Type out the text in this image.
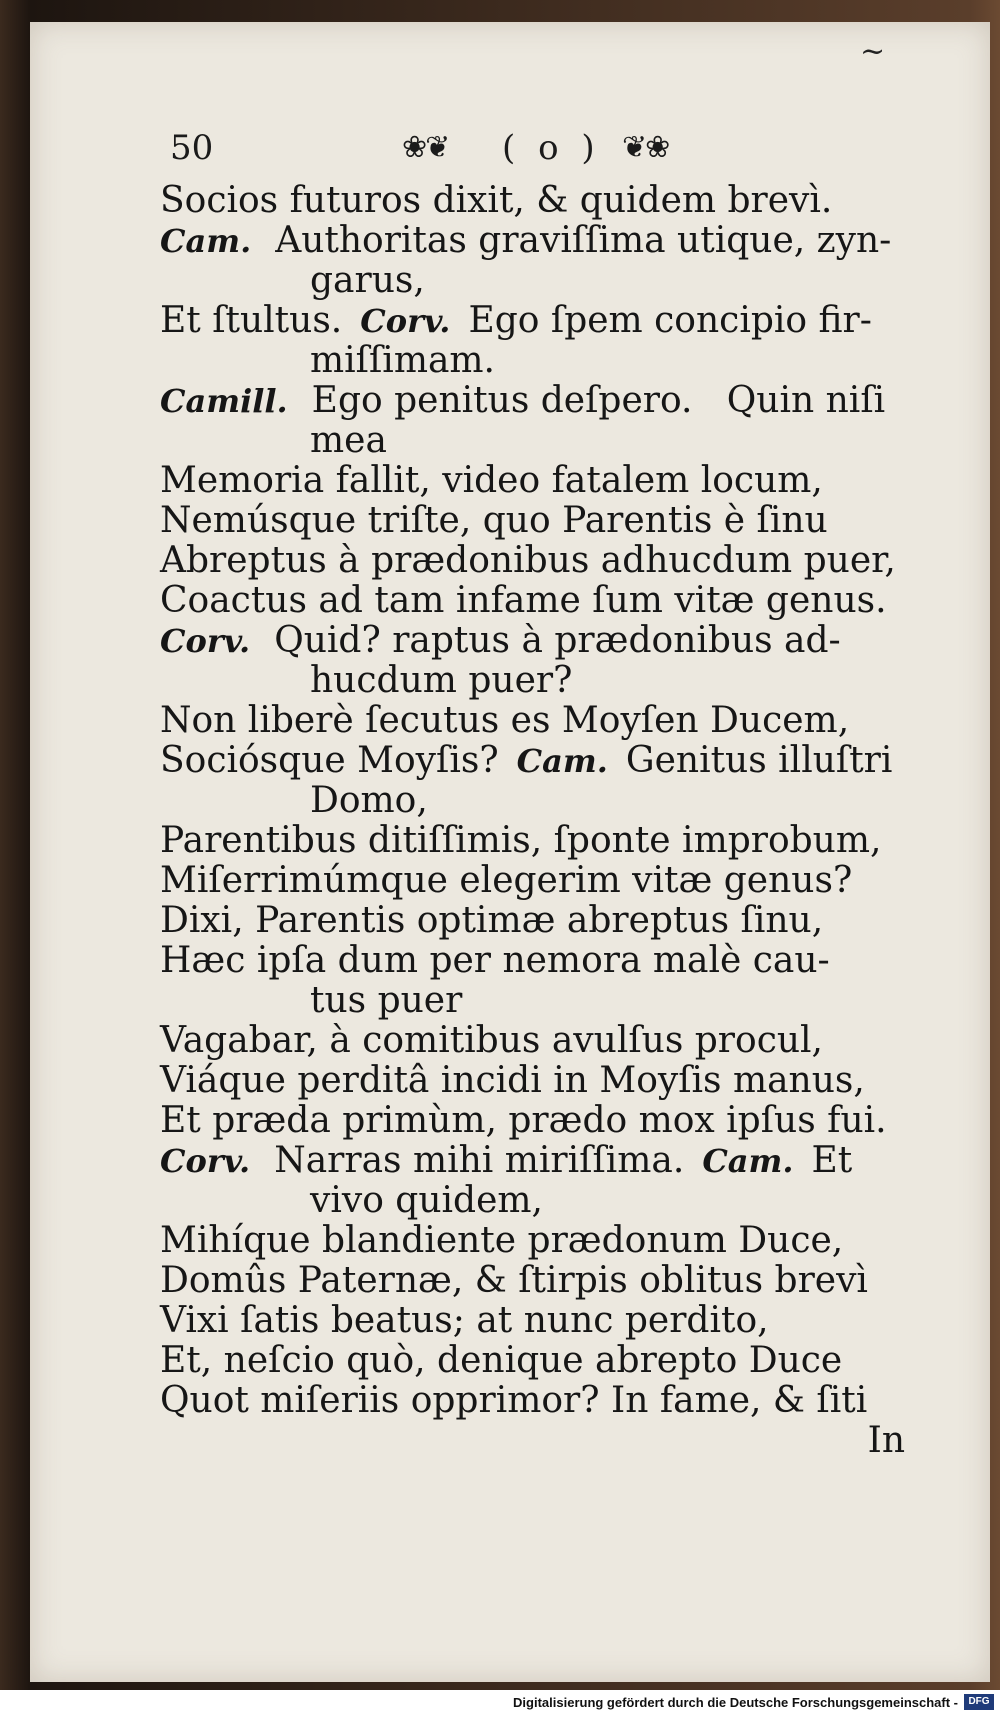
~
50	❀❦ ( o ) ❦❀
Socios futuros dixit, & quidem brevì.
Cam. Authoritas graviſſima utique, zyn-
garus,
Et ſtultus. Corv. Ego ſpem concipio fir-
miſſimam.
Camill. Ego penitus deſpero.   Quin niſi
mea
Memoria fallit, video fatalem locum,
Nemúsque triſte, quo Parentis è ſinu
Abreptus à prædonibus adhucdum puer,
Coactus ad tam infame ſum vitæ genus.
Corv. Quid? raptus à prædonibus ad-
hucdum puer?
Non liberè ſecutus es Moyſen Ducem,
Sociósque Moyſis? Cam. Genitus illuſtri
Domo,
Parentibus ditiſſimis, ſponte improbum,
Miſerrimúmque elegerim vitæ genus?
Dixi, Parentis optimæ abreptus ſinu,
Hæc ipſa dum per nemora malè cau-
tus puer
Vagabar, à comitibus avulſus procul,
Viáque perditâ incidi in Moyſis manus,
Et præda primùm, prædo mox ipſus fui.
Corv. Narras mihi miriſſima. Cam. Et
vivo quidem,
Mihíque blandiente prædonum Duce,
Domûs Paternæ, & ſtirpis oblitus brevì
Vixi ſatis beatus; at nunc perdito,
Et, neſcio quò, denique abrepto Duce
Quot miſeriis opprimor? In fame, & ſiti
In
Digitalisierung gefördert durch die Deutsche Forschungsgemeinschaft -	DFG
